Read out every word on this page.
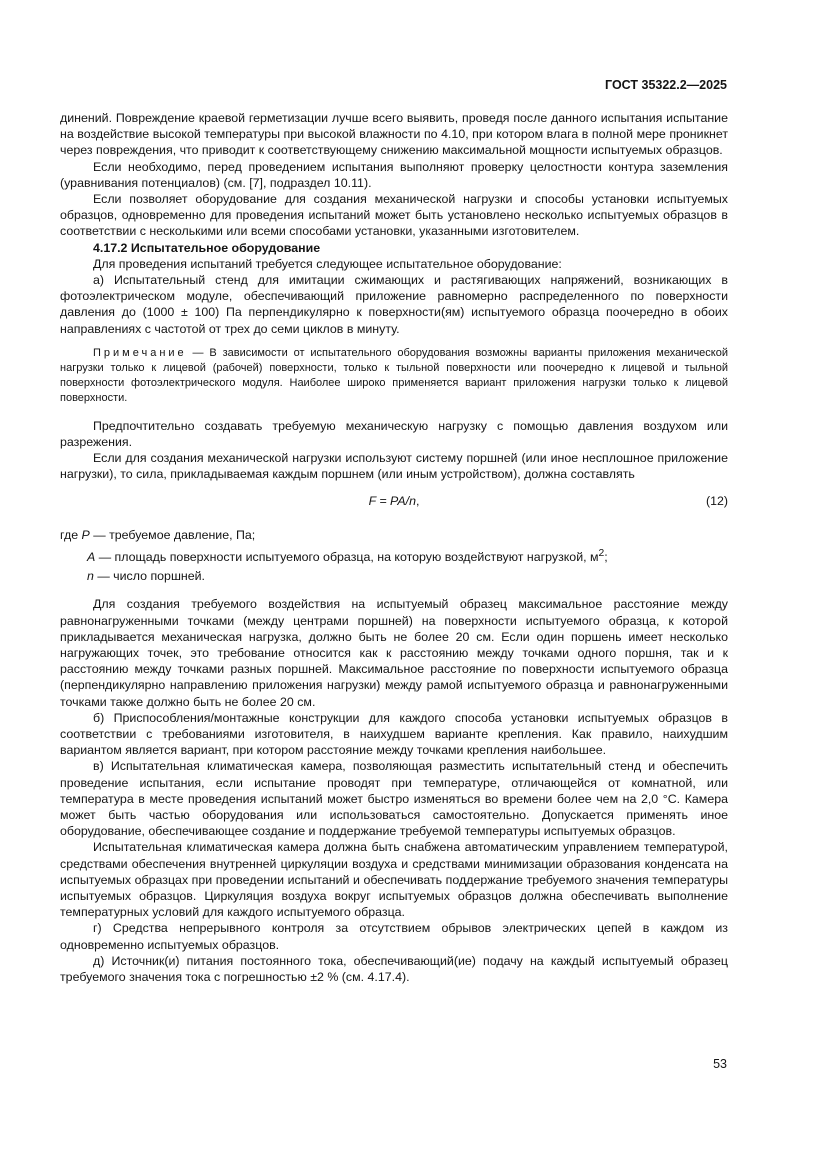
ГОСТ 35322.2—2025

динений. Повреждение краевой герметизации лучше всего выявить, проведя после данного испытания испытание на воздействие высокой температуры при высокой влажности по 4.10, при котором влага в полной мере проникнет через повреждения, что приводит к соответствующему снижению максимальной мощности испытуемых образцов.

Если необходимо, перед проведением испытания выполняют проверку целостности контура заземления (уравнивания потенциалов) (см. [7], подраздел 10.11).

Если позволяет оборудование для создания механической нагрузки и способы установки испытуемых образцов, одновременно для проведения испытаний может быть установлено несколько испытуемых образцов в соответствии с несколькими или всеми способами установки, указанными изготовителем.

4.17.2 Испытательное оборудование

Для проведения испытаний требуется следующее испытательное оборудование:

а) Испытательный стенд для имитации сжимающих и растягивающих напряжений, возникающих в фотоэлектрическом модуле, обеспечивающий приложение равномерно распределенного по поверхности давления до (1000 ± 100) Па перпендикулярно к поверхности(ям) испытуемого образца поочередно в обоих направлениях с частотой от трех до семи циклов в минуту.

Примечание — В зависимости от испытательного оборудования возможны варианты приложения механической нагрузки только к лицевой (рабочей) поверхности, только к тыльной поверхности или поочередно к лицевой и тыльной поверхности фотоэлектрического модуля. Наиболее широко применяется вариант приложения нагрузки только к лицевой поверхности.

Предпочтительно создавать требуемую механическую нагрузку с помощью давления воздухом или разрежения.

Если для создания механической нагрузки используют систему поршней (или иное несплошное приложение нагрузки), то сила, прикладываемая каждым поршнем (или иным устройством), должна составлять

F = PA/n,	(12)

где P — требуемое давление, Па;

A — площадь поверхности испытуемого образца, на которую воздействуют нагрузкой, $м^2$;

n — число поршней.

Для создания требуемого воздействия на испытуемый образец максимальное расстояние между равнонагруженными точками (между центрами поршней) на поверхности испытуемого образца, к которой прикладывается механическая нагрузка, должно быть не более 20 см. Если один поршень имеет несколько нагружающих точек, это требование относится как к расстоянию между точками одного поршня, так и к расстоянию между точками разных поршней. Максимальное расстояние по поверхности испытуемого образца (перпендикулярно направлению приложения нагрузки) между рамой испытуемого образца и равнонагруженными точками также должно быть не более 20 см.

б) Приспособления/монтажные конструкции для каждого способа установки испытуемых образцов в соответствии с требованиями изготовителя, в наихудшем варианте крепления. Как правило, наихудшим вариантом является вариант, при котором расстояние между точками крепления наибольшее.

в) Испытательная климатическая камера, позволяющая разместить испытательный стенд и обеспечить проведение испытания, если испытание проводят при температуре, отличающейся от комнатной, или температура в месте проведения испытаний может быстро изменяться во времени более чем на 2,0 °С. Камера может быть частью оборудования или использоваться самостоятельно. Допускается применять иное оборудование, обеспечивающее создание и поддержание требуемой температуры испытуемых образцов.

Испытательная климатическая камера должна быть снабжена автоматическим управлением температурой, средствами обеспечения внутренней циркуляции воздуха и средствами минимизации образования конденсата на испытуемых образцах при проведении испытаний и обеспечивать поддержание требуемого значения температуры испытуемых образцов. Циркуляция воздуха вокруг испытуемых образцов должна обеспечивать выполнение температурных условий для каждого испытуемого образца.

г) Средства непрерывного контроля за отсутствием обрывов электрических цепей в каждом из одновременно испытуемых образцов.

д) Источник(и) питания постоянного тока, обеспечивающий(ие) подачу на каждый испытуемый образец требуемого значения тока с погрешностью ±2 % (см. 4.17.4).

53
